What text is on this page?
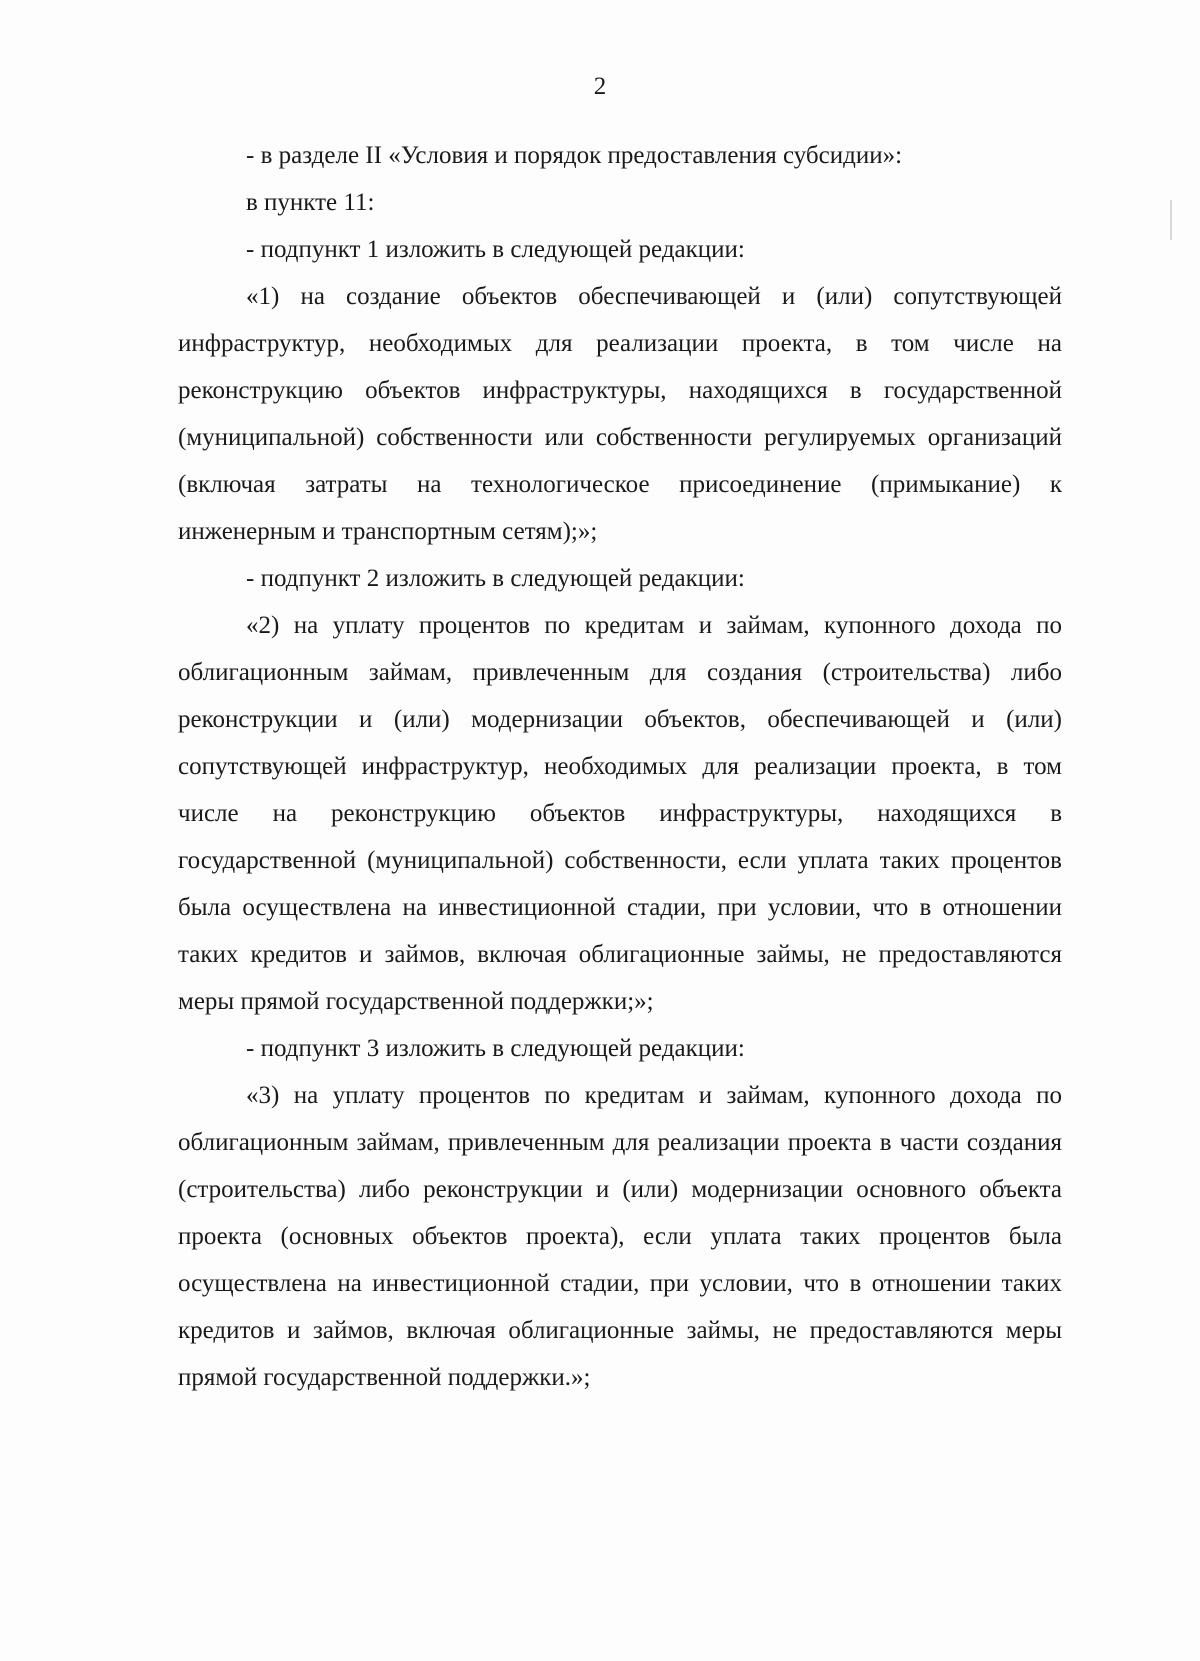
2

- в разделе II «Условия и порядок предоставления субсидии»:

в пункте 11:

- подпункт 1 изложить в следующей редакции:

«1) на создание объектов обеспечивающей и (или) сопутствующей инфраструктур, необходимых для реализации проекта, в том числе на реконструкцию объектов инфраструктуры, находящихся в государственной (муниципальной) собственности или собственности регулируемых организаций (включая затраты на технологическое присоединение (примыкание) к инженерным и транспортным сетям);»;

- подпункт 2 изложить в следующей редакции:

«2) на уплату процентов по кредитам и займам, купонного дохода по облигационным займам, привлеченным для создания (строительства) либо реконструкции и (или) модернизации объектов, обеспечивающей и (или) сопутствующей инфраструктур, необходимых для реализации проекта, в том числе на реконструкцию объектов инфраструктуры, находящихся в государственной (муниципальной) собственности, если уплата таких процентов была осуществлена на инвестиционной стадии, при условии, что в отношении таких кредитов и займов, включая облигационные займы, не предоставляются меры прямой государственной поддержки;»;

- подпункт 3 изложить в следующей редакции:

«3) на уплату процентов по кредитам и займам, купонного дохода по облигационным займам, привлеченным для реализации проекта в части создания (строительства) либо реконструкции и (или) модернизации основного объекта проекта (основных объектов проекта), если уплата таких процентов была осуществлена на инвестиционной стадии, при условии, что в отношении таких кредитов и займов, включая облигационные займы, не предоставляются меры прямой государственной поддержки.»;
